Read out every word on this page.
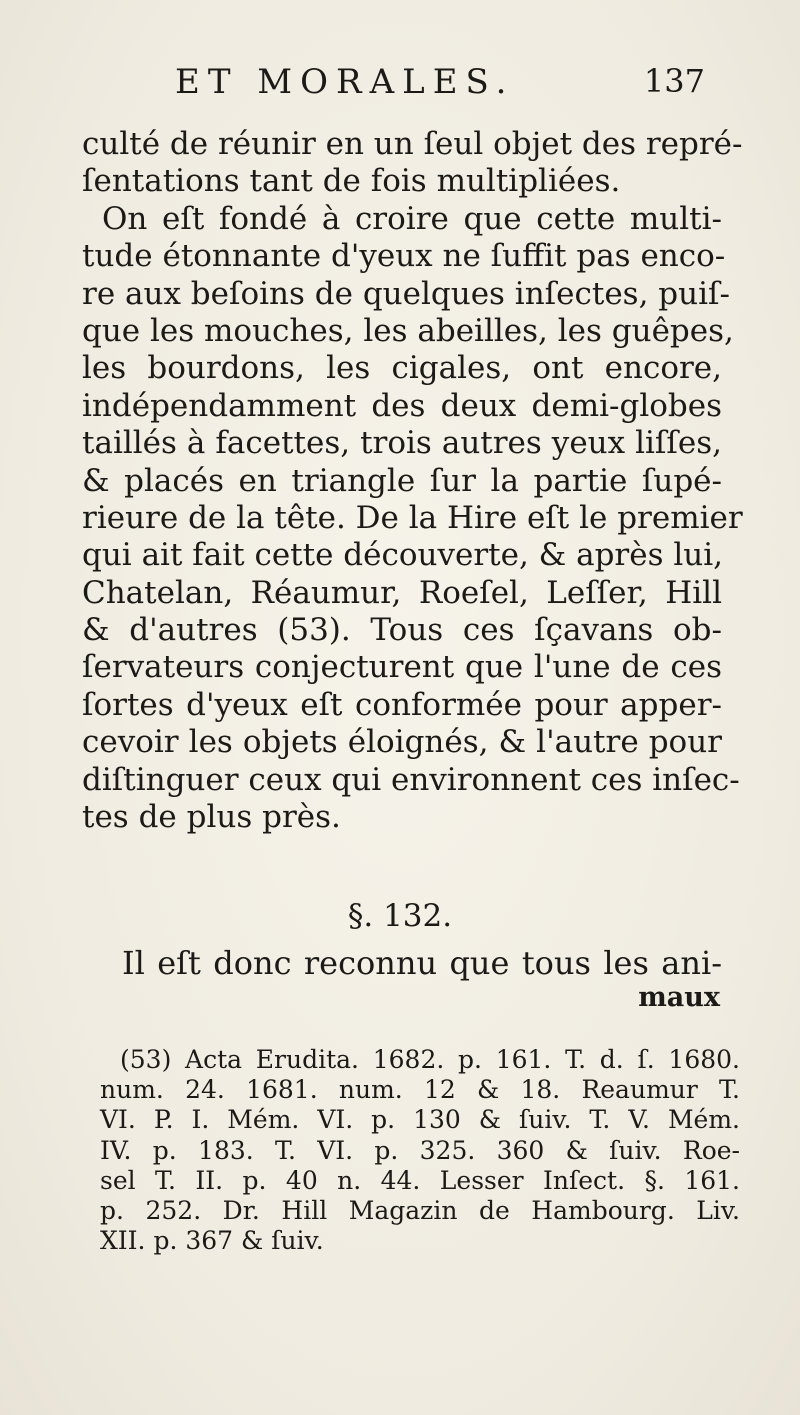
ET MORALES.	137
culté de réunir en un ſeul objet des repré-
ſentations tant de fois multipliées.
On eſt fondé à croire que cette multi-
tude étonnante d'yeux ne ſuffit pas enco-
re aux beſoins de quelques inſectes, puiſ-
que les mouches, les abeilles, les guêpes,
les bourdons, les cigales, ont encore,
indépendamment des deux demi-globes
taillés à facettes, trois autres yeux liſſes,
& placés en triangle ſur la partie ſupé-
rieure de la tête. De la Hire eſt le premier
qui ait fait cette découverte, & après lui,
Chatelan, Réaumur, Roeſel, Leſſer, Hill
& d'autres (53). Tous ces ſçavans ob-
ſervateurs conjecturent que l'une de ces
ſortes d'yeux eſt conformée pour apper-
cevoir les objets éloignés, & l'autre pour
diſtinguer ceux qui environnent ces inſec-
tes de plus près.
§. 132.
Il eſt donc reconnu que tous les ani-
maux
(53) Acta Erudita. 1682. p. 161. T. d. ſ. 1680.
num. 24. 1681. num. 12 & 18. Reaumur T.
VI. P. I. Mém. VI. p. 130 & ſuiv. T. V. Mém.
IV. p. 183. T. VI. p. 325. 360 & ſuiv. Roe-
sel T. II. p. 40 n. 44. Lesser Inſect. §. 161.
p. 252. Dr. Hill Magazin de Hambourg. Liv.
XII. p. 367 & ſuiv.
